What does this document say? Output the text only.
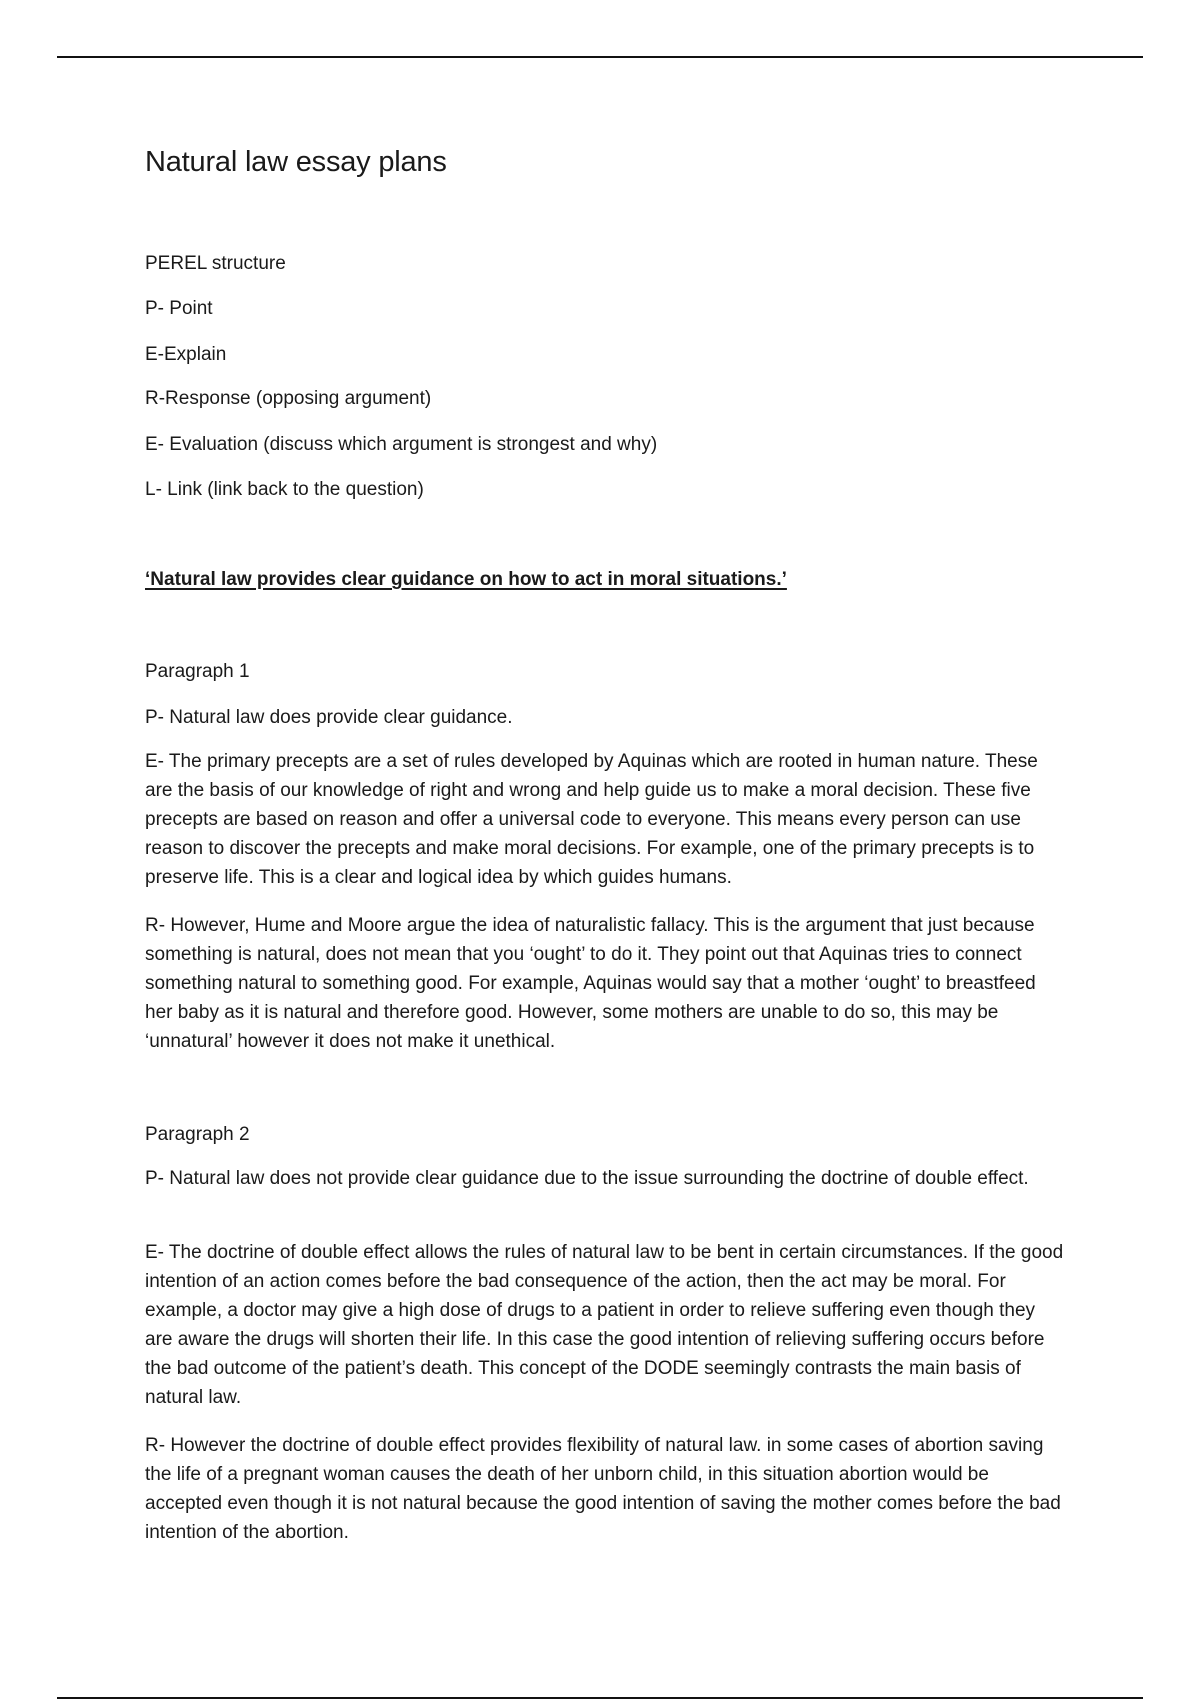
Natural law essay plans

PEREL structure

P- Point

E-Explain

R-Response (opposing argument)

E- Evaluation (discuss which argument is strongest and why)

L- Link (link back to the question)

‘Natural law provides clear guidance on how to act in moral situations.’

Paragraph 1

P- Natural law does provide clear guidance.

E- The primary precepts are a set of rules developed by Aquinas which are rooted in human nature. These are the basis of our knowledge of right and wrong and help guide us to make a moral decision. These five precepts are based on reason and offer a universal code to everyone. This means every person can use reason to discover the precepts and make moral decisions. For example, one of the primary precepts is to preserve life. This is a clear and logical idea by which guides humans.

R- However, Hume and Moore argue the idea of naturalistic fallacy. This is the argument that just because something is natural, does not mean that you ‘ought’ to do it. They point out that Aquinas tries to connect something natural to something good. For example, Aquinas would say that a mother ‘ought’ to breastfeed her baby as it is natural and therefore good. However, some mothers are unable to do so, this may be ‘unnatural’ however it does not make it unethical.

Paragraph 2

P- Natural law does not provide clear guidance due to the issue surrounding the doctrine of double effect.

E- The doctrine of double effect allows the rules of natural law to be bent in certain circumstances. If the good intention of an action comes before the bad consequence of the action, then the act may be moral. For example, a doctor may give a high dose of drugs to a patient in order to relieve suffering even though they are aware the drugs will shorten their life. In this case the good intention of relieving suffering occurs before the bad outcome of the patient’s death. This concept of the DODE seemingly contrasts the main basis of natural law.

R- However the doctrine of double effect provides flexibility of natural law. in some cases of abortion saving the life of a pregnant woman causes the death of her unborn child, in this situation abortion would be accepted even though it is not natural because the good intention of saving the mother comes before the bad intention of the abortion.
